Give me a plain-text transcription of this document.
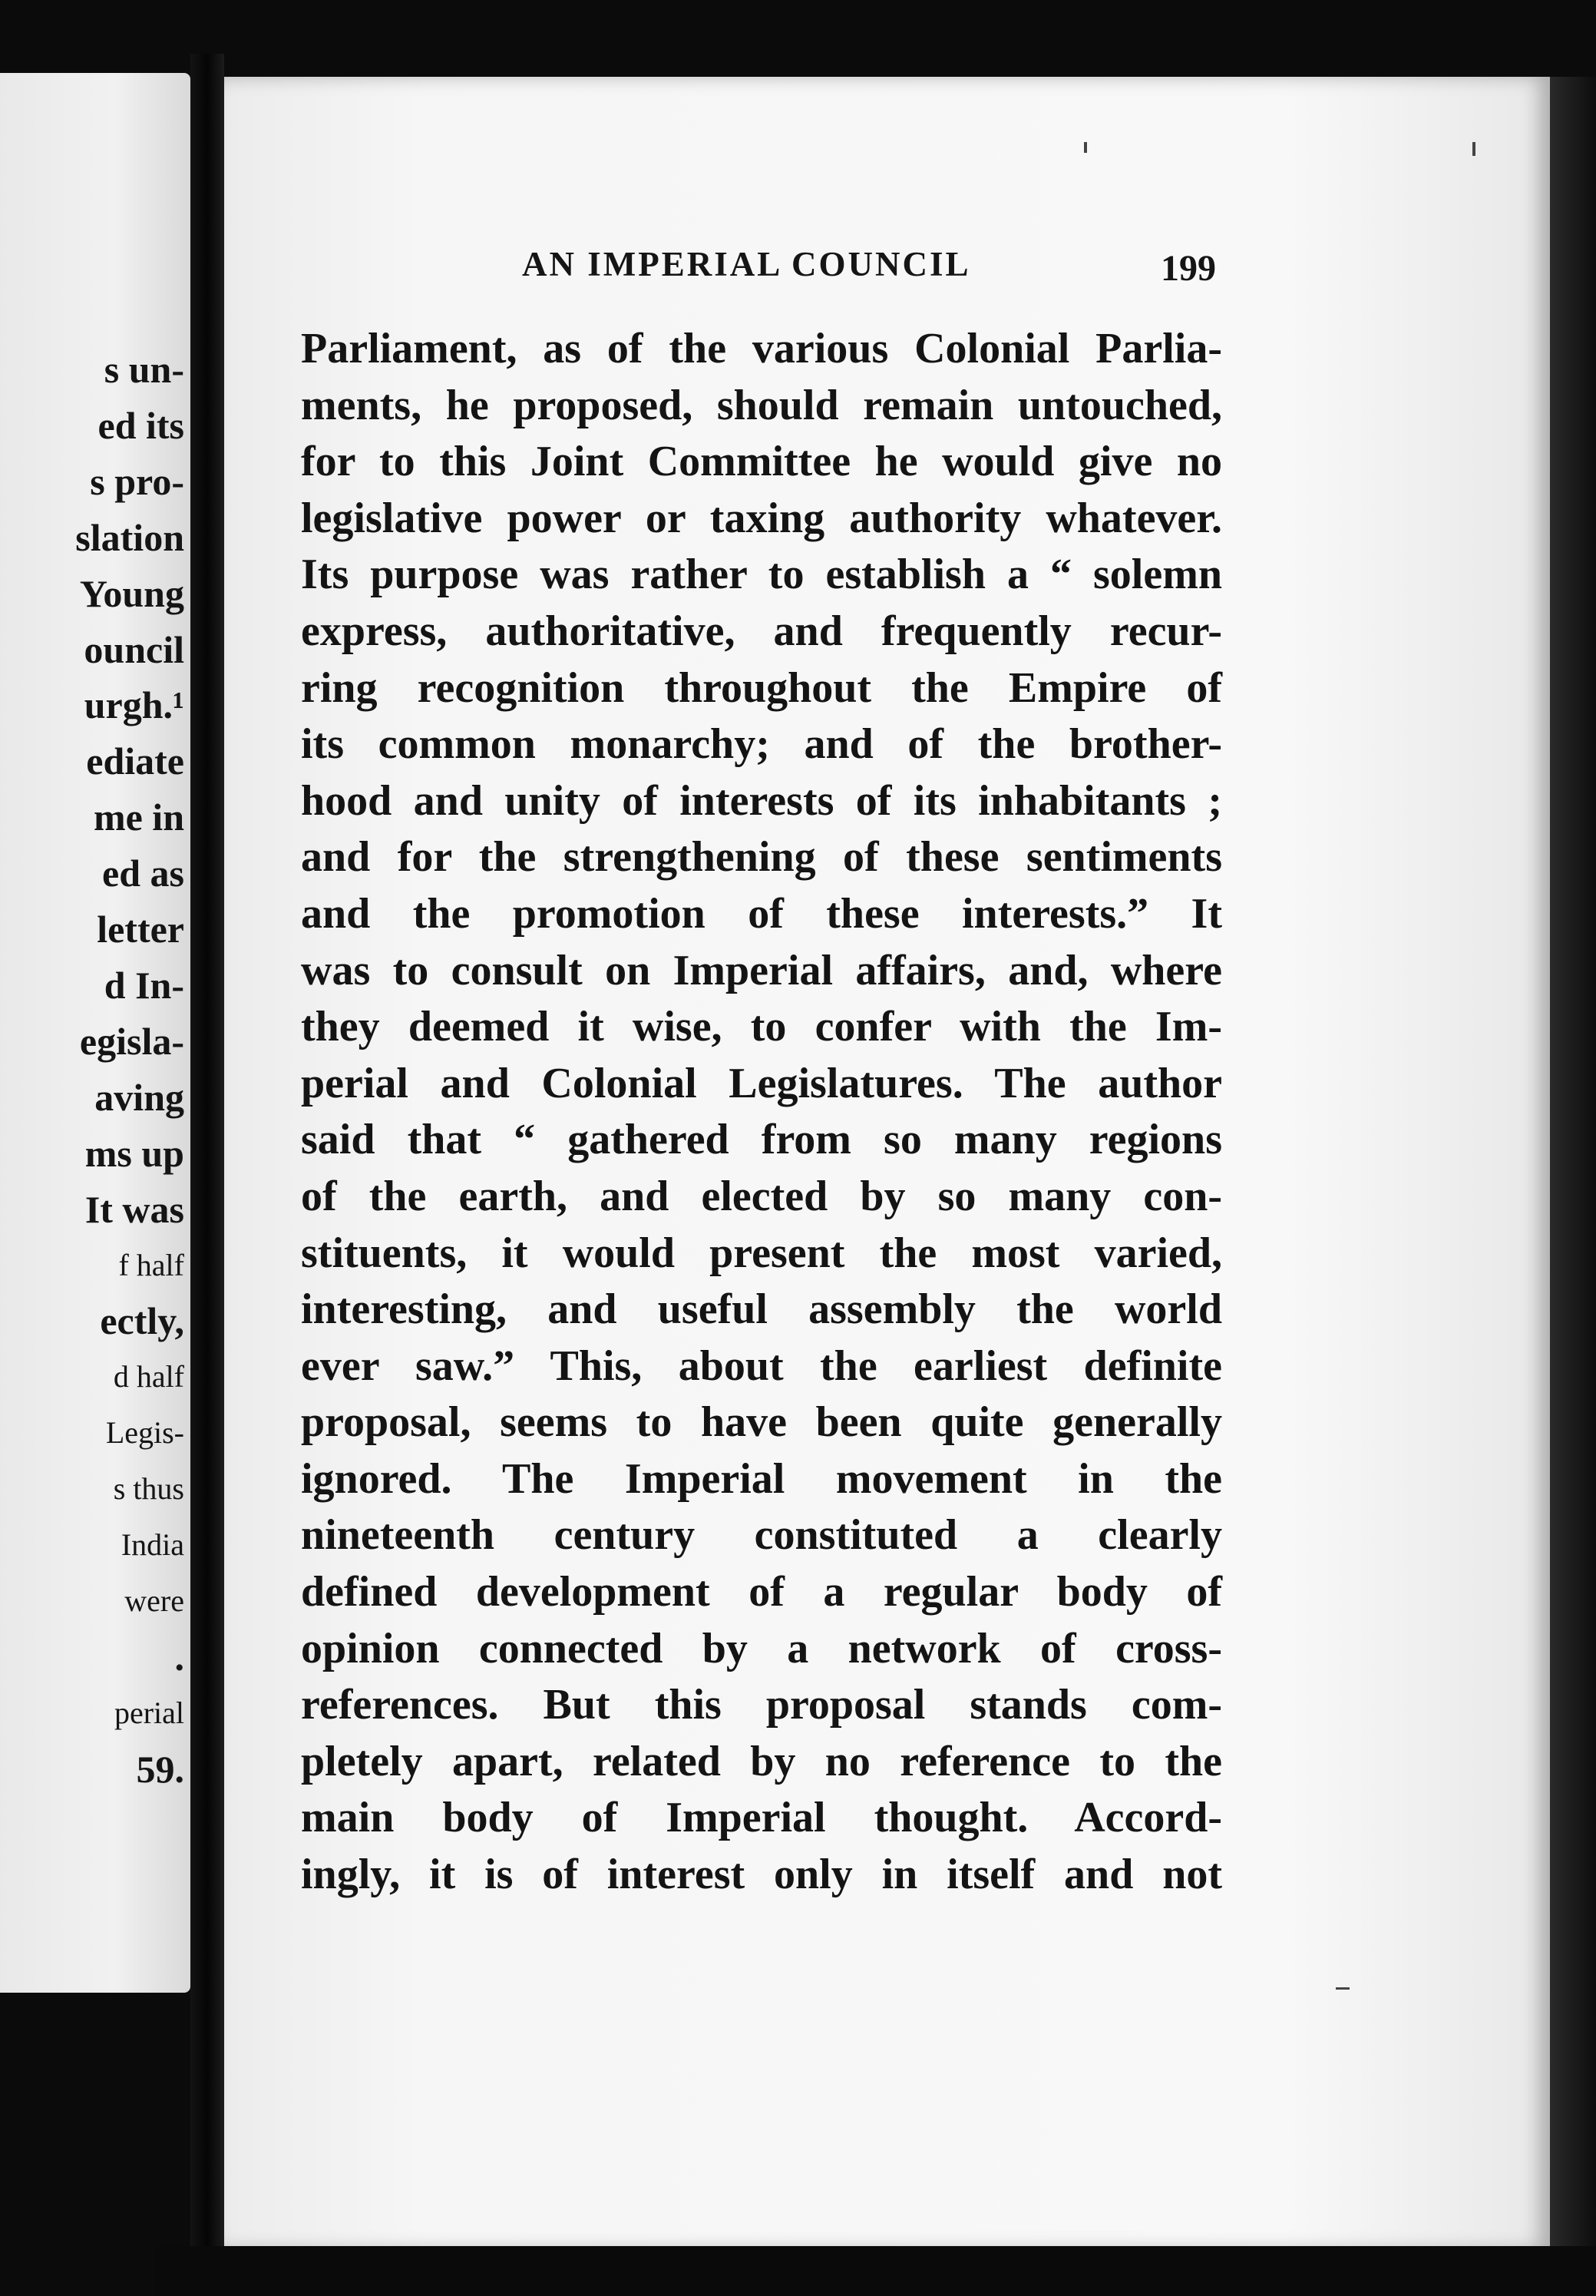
s un-
ed its
s pro-
slation
Young
ouncil
urgh.¹
ediate
me in
ed as
letter
d In-
egisla-
aving
ms up
It was
f half
ectly,
d half
Legis-
s thus
India
were
.
perial
59.
AN IMPERIAL COUNCIL	199
Parliament, as of the various Colonial Parlia-
ments, he proposed, should remain untouched,
for to this Joint Committee he would give no
legislative power or taxing authority whatever.
Its purpose was rather to establish a “ solemn
express, authoritative, and frequently recur-
ring recognition throughout the Empire of
its common monarchy; and of the brother-
hood and unity of interests of its inhabitants ;
and for the strengthening of these sentiments
and the promotion of these interests.” It
was to consult on Imperial affairs, and, where
they deemed it wise, to confer with the Im-
perial and Colonial Legislatures. The author
said that “ gathered from so many regions
of the earth, and elected by so many con-
stituents, it would present the most varied,
interesting, and useful assembly the world
ever saw.” This, about the earliest definite
proposal, seems to have been quite generally
ignored. The Imperial movement in the
nineteenth century constituted a clearly
defined development of a regular body of
opinion connected by a network of cross-
references. But this proposal stands com-
pletely apart, related by no reference to the
main body of Imperial thought. Accord-
ingly, it is of interest only in itself and not
